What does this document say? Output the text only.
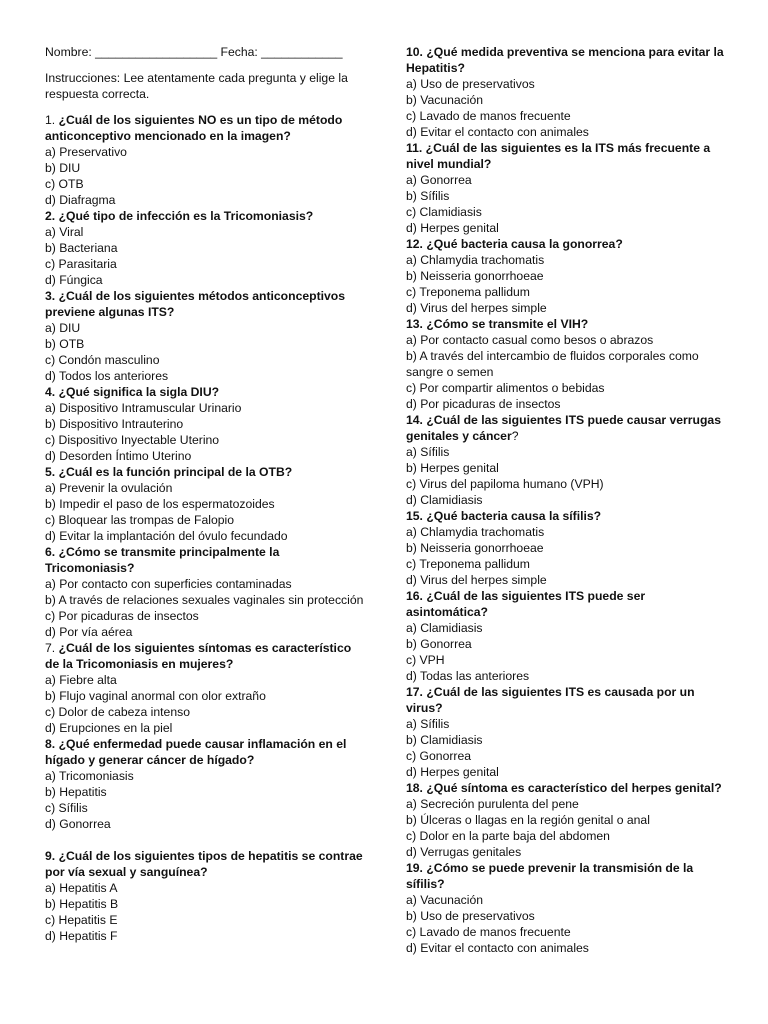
Nombre: __________________ Fecha: ____________

Instrucciones: Lee atentamente cada pregunta y elige la respuesta correcta.

1. ¿Cuál de los siguientes NO es un tipo de método anticonceptivo mencionado en la imagen?

a) Preservativo

b) DIU

c) OTB

d) Diafragma

2. ¿Qué tipo de infección es la Tricomoniasis?

a) Viral

b) Bacteriana

c) Parasitaria

d) Fúngica

3. ¿Cuál de los siguientes métodos anticonceptivos previene algunas ITS?

a) DIU

b) OTB

c) Condón masculino

d) Todos los anteriores

4. ¿Qué significa la sigla DIU?

a) Dispositivo Intramuscular Urinario

b) Dispositivo Intrauterino

c) Dispositivo Inyectable Uterino

d) Desorden Íntimo Uterino

5. ¿Cuál es la función principal de la OTB?

a) Prevenir la ovulación

b) Impedir el paso de los espermatozoides

c) Bloquear las trompas de Falopio

d) Evitar la implantación del óvulo fecundado

6. ¿Cómo se transmite principalmente la Tricomoniasis?

a) Por contacto con superficies contaminadas

b) A través de relaciones sexuales vaginales sin protección

c) Por picaduras de insectos

d) Por vía aérea

7. ¿Cuál de los siguientes síntomas es característico de la Tricomoniasis en mujeres?

a) Fiebre alta

b) Flujo vaginal anormal con olor extraño

c) Dolor de cabeza intenso

d) Erupciones en la piel

8. ¿Qué enfermedad puede causar inflamación en el hígado y generar cáncer de hígado?

a) Tricomoniasis

b) Hepatitis

c) Sífilis

d) Gonorrea

9. ¿Cuál de los siguientes tipos de hepatitis se contrae por vía sexual y sanguínea?

a) Hepatitis A

b) Hepatitis B

c) Hepatitis E

d) Hepatitis F

10. ¿Qué medida preventiva se menciona para evitar la Hepatitis?

a) Uso de preservativos

b) Vacunación

c) Lavado de manos frecuente

d) Evitar el contacto con animales

11. ¿Cuál de las siguientes es la ITS más frecuente a nivel mundial?

a) Gonorrea

b) Sífilis

c) Clamidiasis

d) Herpes genital

12. ¿Qué bacteria causa la gonorrea?

a) Chlamydia trachomatis

b) Neisseria gonorrhoeae

c) Treponema pallidum

d) Virus del herpes simple

13. ¿Cómo se transmite el VIH?

a) Por contacto casual como besos o abrazos

b) A través del intercambio de fluidos corporales como sangre o semen

c) Por compartir alimentos o bebidas

d) Por picaduras de insectos

14. ¿Cuál de las siguientes ITS puede causar verrugas genitales y cáncer?

a) Sífilis

b) Herpes genital

c) Virus del papiloma humano (VPH)

d) Clamidiasis

15. ¿Qué bacteria causa la sífilis?

a) Chlamydia trachomatis

b) Neisseria gonorrhoeae

c) Treponema pallidum

d) Virus del herpes simple

16. ¿Cuál de las siguientes ITS puede ser asintomática?

a) Clamidiasis

b) Gonorrea

c) VPH

d) Todas las anteriores

17. ¿Cuál de las siguientes ITS es causada por un virus?

a) Sífilis

b) Clamidiasis

c) Gonorrea

d) Herpes genital

18. ¿Qué síntoma es característico del herpes genital?

a) Secreción purulenta del pene

b) Úlceras o llagas en la región genital o anal

c) Dolor en la parte baja del abdomen

d) Verrugas genitales

19. ¿Cómo se puede prevenir la transmisión de la sífilis?

a) Vacunación

b) Uso de preservativos

c) Lavado de manos frecuente

d) Evitar el contacto con animales
